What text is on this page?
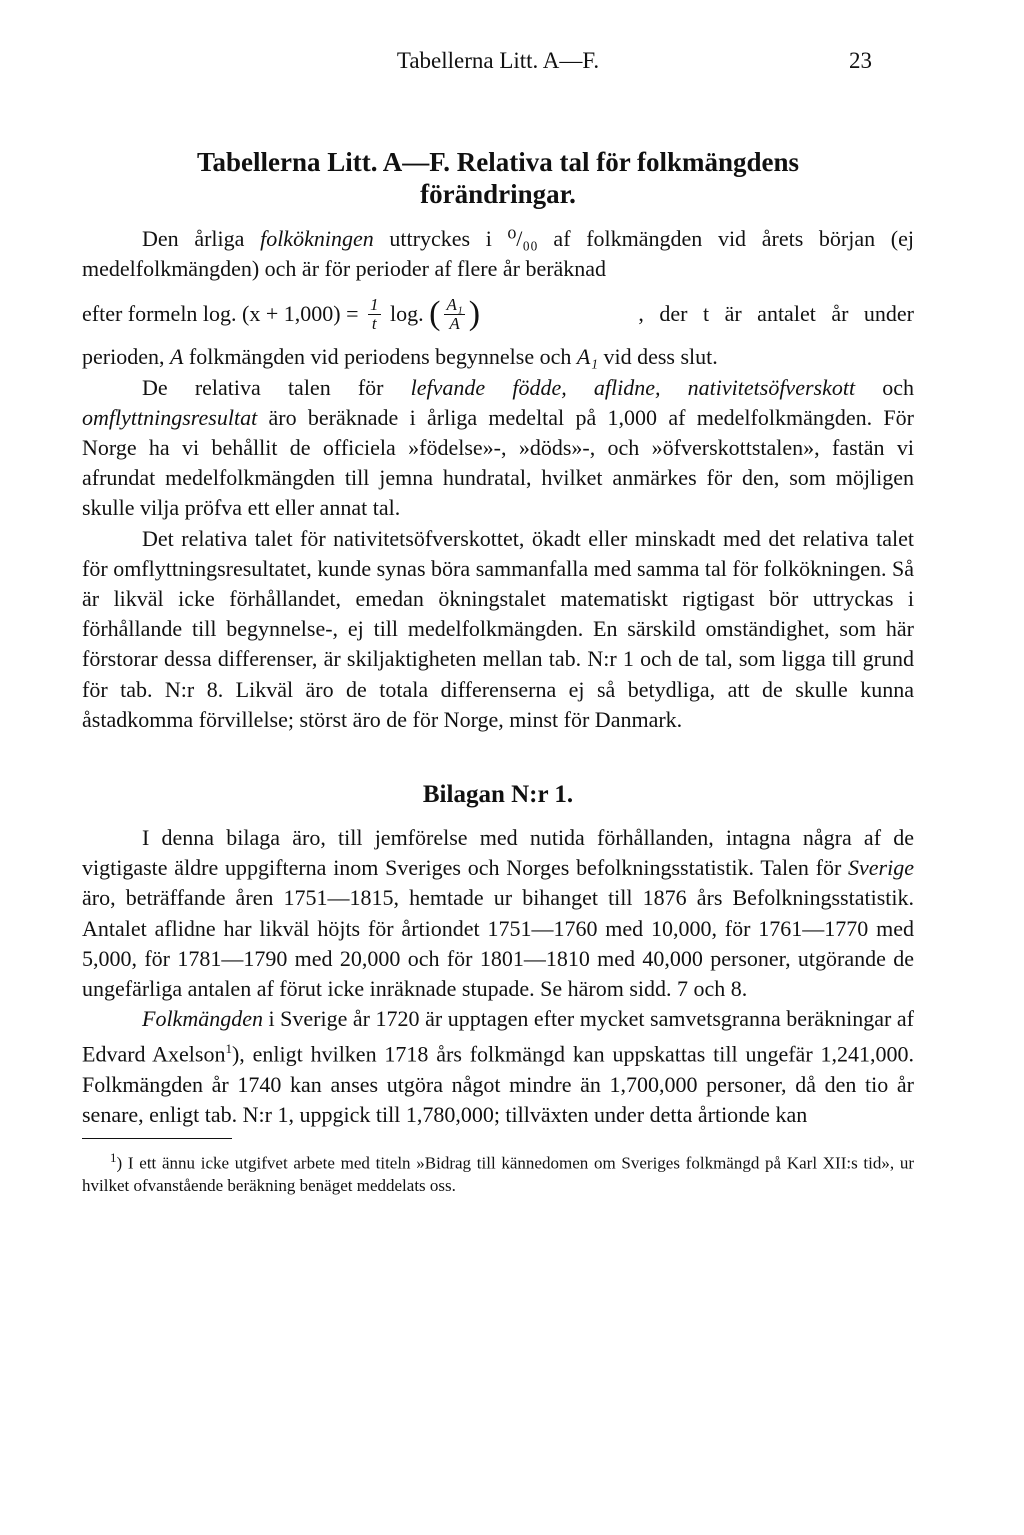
Tabellerna Litt. A—F.	23
Tabellerna Litt. A—F. Relativa tal för folkmängdens
förändringar.

Den årliga folkökningen uttryckes i ⁰/₀₀ af folkmängden vid årets början (ej medelfolkmängden) och är för perioder af flere år beräknad

efter formeln log. $(x + 1,000) = \frac{1}{t} \log$. ( $\frac{\text{A₁}}{A}$ )	, der t är antalet år under

perioden, A folkmängden vid periodens begynnelse och A₁ vid dess slut.

De relativa talen för lefvande födde, aflidne, nativitetsöfverskott och omflyttningsresultat äro beräknade i årliga medeltal på 1,000 af medelfolkmängden. För Norge ha vi behållit de officiela »födelse»-, »döds»-, och »öfverskottstalen», fastän vi afrundat medelfolkmängden till jemna hundratal, hvilket anmärkes för den, som möjligen skulle vilja pröfva ett eller annat tal.

Det relativa talet för nativitetsöfverskottet, ökadt eller minskadt med det relativa talet för omflyttningsresultatet, kunde synas böra sammanfalla med samma tal för folkökningen. Så är likväl icke förhållandet, emedan ökningstalet matematiskt rigtigast bör uttryckas i förhållande till begynnelse-, ej till medelfolkmängden. En särskild omständighet, som här förstorar dessa differenser, är skiljaktigheten mellan tab. N:r 1 och de tal, som ligga till grund för tab. N:r 8. Likväl äro de totala differenserna ej så betydliga, att de skulle kunna åstadkomma förvillelse; störst äro de för Norge, minst för Danmark.

Bilagan N:r 1.

I denna bilaga äro, till jemförelse med nutida förhållanden, intagna några af de vigtigaste äldre uppgifterna inom Sveriges och Norges befolkningsstatistik. Talen för Sverige äro, beträffande åren 1751—1815, hemtade ur bihanget till 1876 års Befolkningsstatistik. Antalet aflidne har likväl höjts för årtiondet 1751—1760 med 10,000, för 1761—1770 med 5,000, för 1781—1790 med 20,000 och för 1801—1810 med 40,000 personer, utgörande de ungefärliga antalen af förut icke inräknade stupade. Se härom sidd. 7 och 8.

Folkmängden i Sverige år 1720 är upptagen efter mycket samvetsgranna beräkningar af Edvard Axelson$^1$), enligt hvilken 1718 års folkmängd kan uppskattas till ungefär 1,241,000. Folkmängden år 1740 kan anses utgöra något mindre än 1,700,000 personer, då den tio år senare, enligt tab. N:r 1, uppgick till 1,780,000; tillväxten under detta årtionde kan

$^1$) I ett ännu icke utgifvet arbete med titeln »Bidrag till kännedomen om Sveriges folkmängd på Karl XII:s tid», ur hvilket ofvanstående beräkning benäget meddelats oss.
